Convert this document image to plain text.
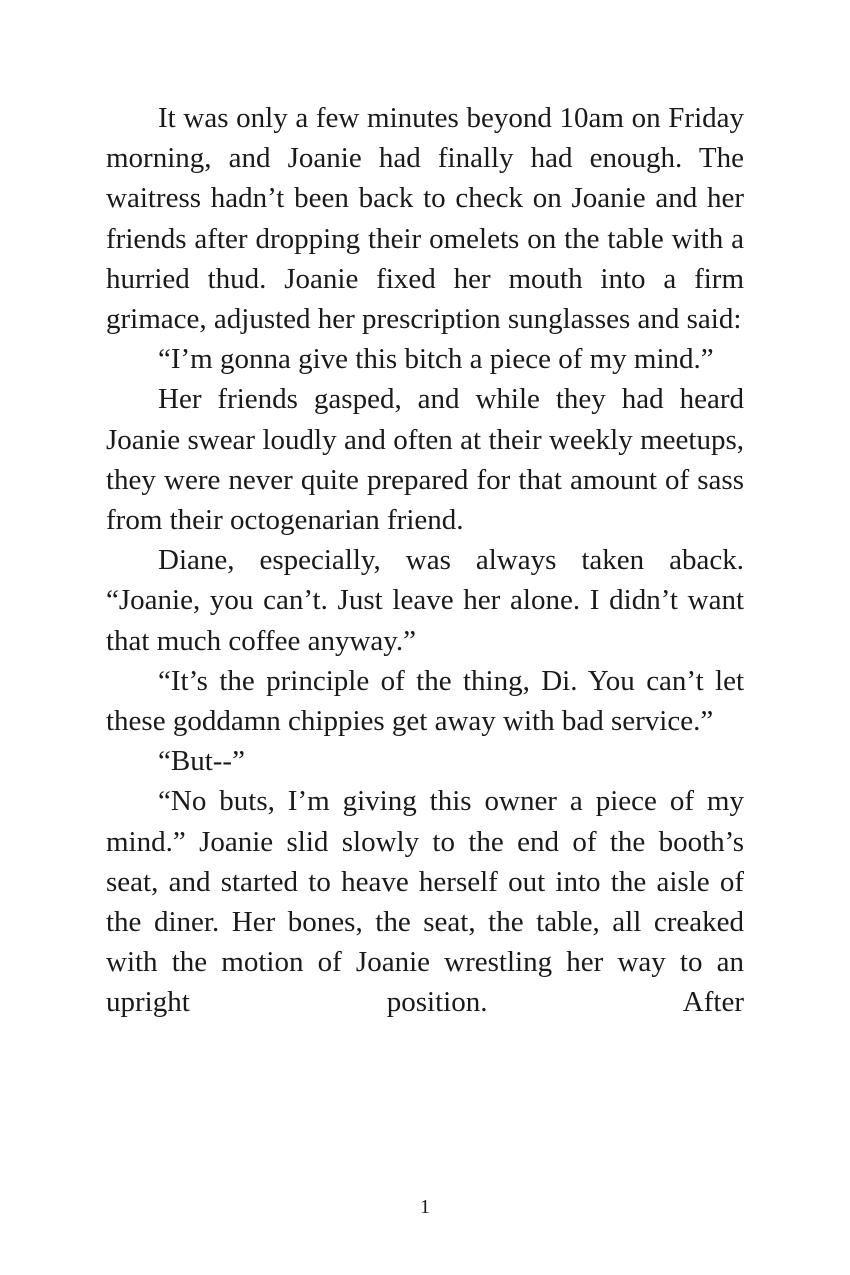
It was only a few minutes beyond 10am on Friday morning, and Joanie had finally had enough. The waitress hadn’t been back to check on Joanie and her friends after dropping their omelets on the table with a hurried thud. Joanie fixed her mouth into a firm grimace, adjusted her prescription sunglasses and said:

“I’m gonna give this bitch a piece of my mind.”

Her friends gasped, and while they had heard Joanie swear loudly and often at their weekly meetups, they were never quite prepared for that amount of sass from their octogenarian friend.

Diane, especially, was always taken aback. “Joanie, you can’t. Just leave her alone. I didn’t want that much coffee anyway.”

“It’s the principle of the thing, Di. You can’t let these goddamn chippies get away with bad service.”

“But--”

“No buts, I’m giving this owner a piece of my mind.” Joanie slid slowly to the end of the booth’s seat, and started to heave herself out into the aisle of the diner. Her bones, the seat, the table, all creaked with the motion of Joanie wrestling her way to an upright position. After

1
